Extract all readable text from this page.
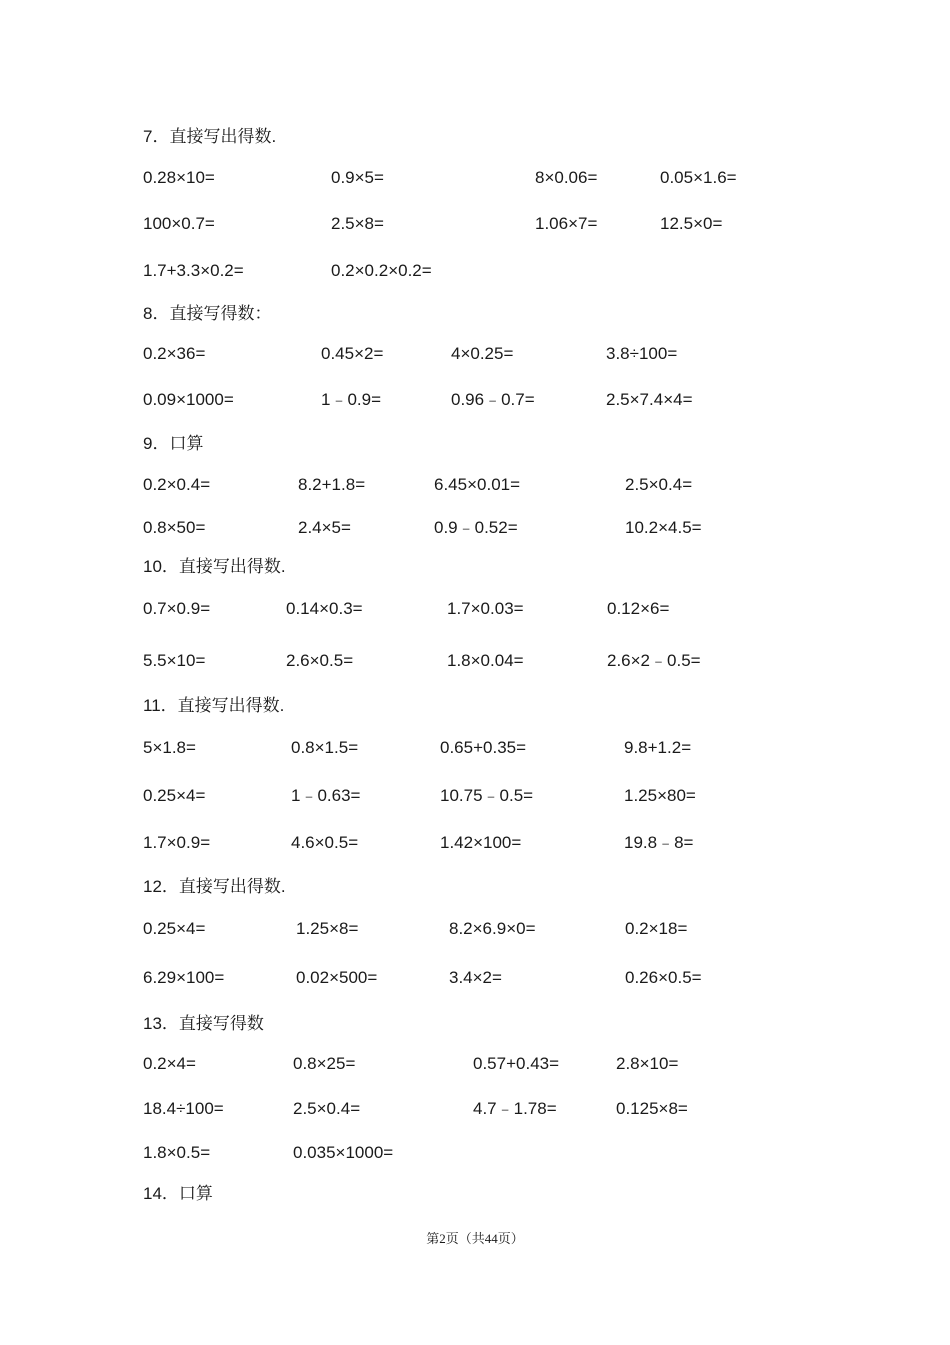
7．直接写出得数.
0.28×10=	0.9×5=	8×0.06=	0.05×1.6=
100×0.7=	2.5×8=	1.06×7=	12.5×0=
1.7+3.3×0.2=	0.2×0.2×0.2=
8．直接写得数：
0.2×36=	0.45×2=	4×0.25=	3.8÷100=
0.09×1000=	1﹣0.9=	0.96﹣0.7=	2.5×7.4×4=
9．口算
0.2×0.4=	8.2+1.8=	6.45×0.01=	2.5×0.4=
0.8×50=	2.4×5=	0.9﹣0.52=	10.2×4.5=
10．直接写出得数.
0.7×0.9=	0.14×0.3=	1.7×0.03=	0.12×6=
5.5×10=	2.6×0.5=	1.8×0.04=	2.6×2﹣0.5=
11．直接写出得数.
5×1.8=	0.8×1.5=	0.65+0.35=	9.8+1.2=
0.25×4=	1﹣0.63=	10.75﹣0.5=	1.25×80=
1.7×0.9=	4.6×0.5=	1.42×100=	19.8﹣8=
12．直接写出得数.
0.25×4=	1.25×8=	8.2×6.9×0=	0.2×18=
6.29×100=	0.02×500=	3.4×2=	0.26×0.5=
13．直接写得数
0.2×4=	0.8×25=	0.57+0.43=	2.8×10=
18.4÷100=	2.5×0.4=	4.7﹣1.78=	0.125×8=
1.8×0.5=	0.035×1000=
14．口算
第2页（共44页）
